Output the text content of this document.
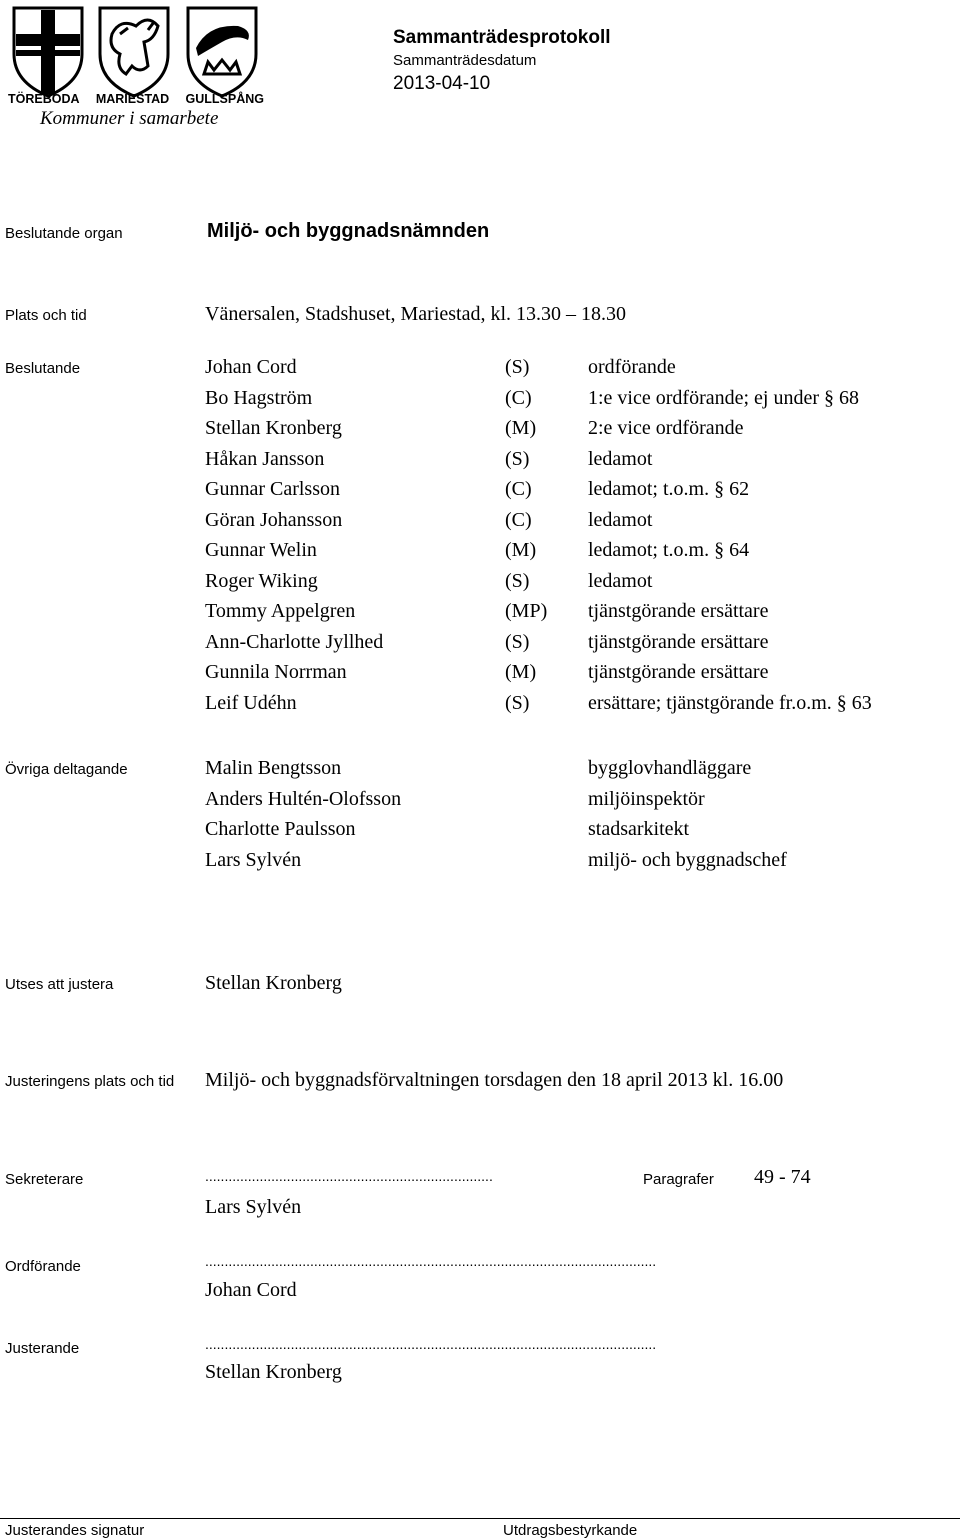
TÖREBODA MARIESTAD GULLSPÅNG
Kommuner i samarbete
Sammanträdesprotokoll
Sammanträdesdatum
2013-04-10
Beslutande organ	Miljö- och byggnadsnämnden
Plats och tid	Vänersalen, Stadshuset, Mariestad, kl. 13.30 – 18.30
Beslutande	Johan Cord	(S)	ordförande
Bo Hagström	(C)	1:e vice ordförande; ej under § 68
Stellan Kronberg	(M)	2:e vice ordförande
Håkan Jansson	(S)	ledamot
Gunnar Carlsson	(C)	ledamot; t.o.m. § 62
Göran Johansson	(C)	ledamot
Gunnar Welin	(M)	ledamot; t.o.m. § 64
Roger Wiking	(S)	ledamot
Tommy Appelgren	(MP) tjänstgörande ersättare
Ann-Charlotte Jyllhed	(S)	tjänstgörande ersättare
Gunnila Norrman	(M)	tjänstgörande ersättare
Leif Udéhn	(S)	ersättare; tjänstgörande fr.o.m. § 63
Övriga deltagande	Malin Bengtsson	bygglovhandläggare
Anders Hultén-Olofsson	miljöinspektör
Charlotte Paulsson	stadsarkitekt
Lars Sylvén	miljö- och byggnadschef
Utses att justera	Stellan Kronberg
Justeringens plats och tid Miljö- och byggnadsförvaltningen torsdagen den 18 april 2013 kl. 16.00
Sekreterare	..........................................................................	Paragrafer 49 - 74
Lars Sylvén
Ordförande	....................................................................................................................
Johan Cord
Justerande	....................................................................................................................
Stellan Kronberg
Justerandes signatur	Utdragsbestyrkande
